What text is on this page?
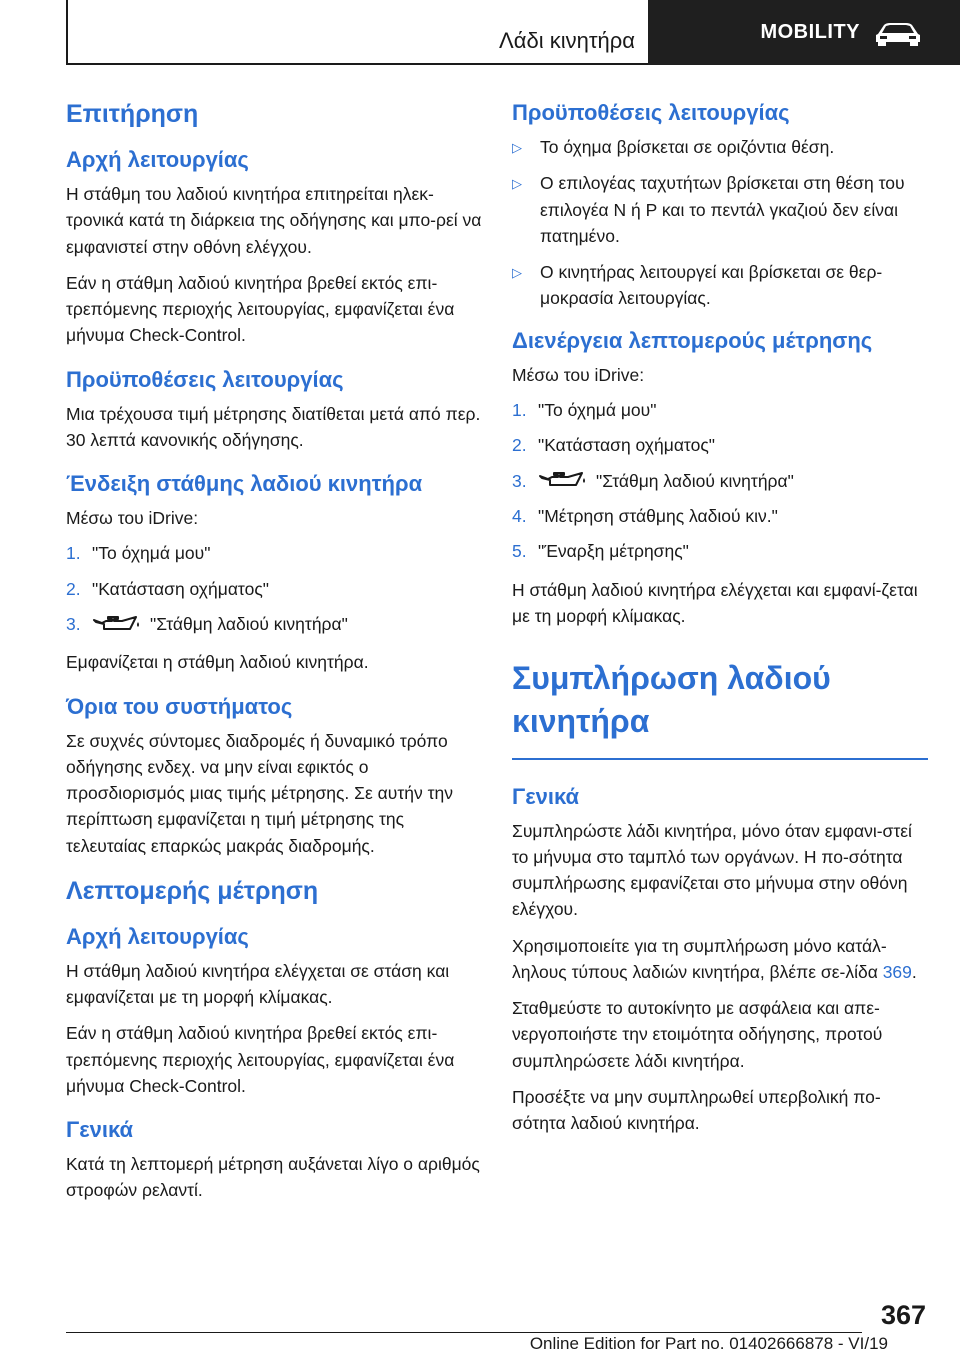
Λάδι κινητήρα	MOBILITY
Επιτήρηση
Αρχή λειτουργίας

Η στάθμη του λαδιού κινητήρα επιτηρείται ηλεκ-τρονικά κατά τη διάρκεια της οδήγησης και μπο-ρεί να εμφανιστεί στην οθόνη ελέγχου.

Εάν η στάθμη λαδιού κινητήρα βρεθεί εκτός επι-τρεπόμενης περιοχής λειτουργίας, εμφανίζεται ένα μήνυμα Check-Control.

Προϋποθέσεις λειτουργίας

Μια τρέχουσα τιμή μέτρησης διατίθεται μετά από περ. 30 λεπτά κανονικής οδήγησης.

Ένδειξη στάθμης λαδιού κινητήρα

Μέσω του iDrive:

1. "Το όχημά μου"
2. "Κατάσταση οχήματος"
3.	"Στάθμη λαδιού κινητήρα"

Εμφανίζεται η στάθμη λαδιού κινητήρα.

Όρια του συστήματος

Σε συχνές σύντομες διαδρομές ή δυναμικό τρόπο οδήγησης ενδεχ. να μην είναι εφικτός ο προσδιορισμός μιας τιμής μέτρησης. Σε αυτήν την περίπτωση εμφανίζεται η τιμή μέτρησης της τελευταίας επαρκώς μακράς διαδρομής.

Λεπτομερής μέτρηση
Αρχή λειτουργίας

Η στάθμη λαδιού κινητήρα ελέγχεται σε στάση και εμφανίζεται με τη μορφή κλίμακας.

Εάν η στάθμη λαδιού κινητήρα βρεθεί εκτός επι-τρεπόμενης περιοχής λειτουργίας, εμφανίζεται ένα μήνυμα Check-Control.

Γενικά

Κατά τη λεπτομερή μέτρηση αυξάνεται λίγο ο αριθμός στροφών ρελαντί.

Προϋποθέσεις λειτουργίας
▷	Το όχημα βρίσκεται σε οριζόντια θέση.
▷	Ο επιλογέας ταχυτήτων βρίσκεται στη θέση του επιλογέα N ή P και το πεντάλ γκαζιού δεν είναι πατημένο.
▷	Ο κινητήρας λειτουργεί και βρίσκεται σε θερ-μοκρασία λειτουργίας.
Διενέργεια λεπτομερούς μέτρησης

Μέσω του iDrive:

1. "Το όχημά μου"
2. "Κατάσταση οχήματος"
3.	"Στάθμη λαδιού κινητήρα"
4. "Μέτρηση στάθμης λαδιού κιν."
5. "Έναρξη μέτρησης"

Η στάθμη λαδιού κινητήρα ελέγχεται και εμφανί-ζεται με τη μορφή κλίμακας.

Συμπλήρωση λαδιού κινητήρα
Γενικά

Συμπληρώστε λάδι κινητήρα, μόνο όταν εμφανι-στεί το μήνυμα στο ταμπλό των οργάνων. Η πο-σότητα συμπλήρωσης εμφανίζεται στο μήνυμα στην οθόνη ελέγχου.

Χρησιμοποιείτε για τη συμπλήρωση μόνο κατάλ-ληλους τύπους λαδιών κινητήρα, βλέπε σε-λίδα 369.

Σταθμεύστε το αυτοκίνητο με ασφάλεια και απε-νεργοποιήστε την ετοιμότητα οδήγησης, προτού συμπληρώσετε λάδι κινητήρα.

Προσέξτε να μην συμπληρωθεί υπερβολική πο-σότητα λαδιού κινητήρα.

367
Online Edition for Part no. 01402666878 - VI/19
